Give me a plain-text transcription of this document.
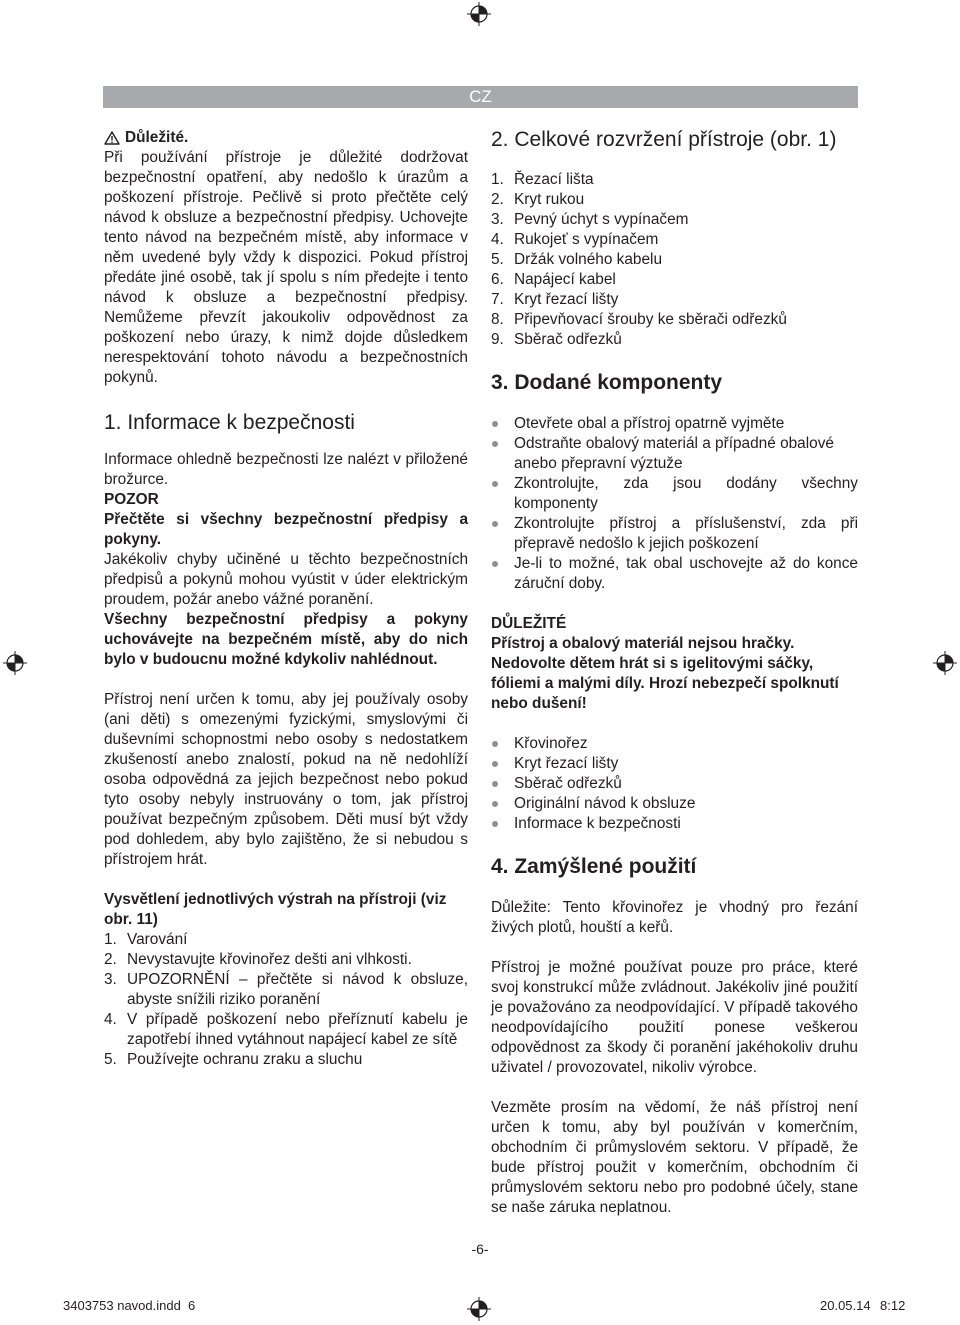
CZ
Důležité.

Při používání přístroje je důležité dodržovat bezpečnostní opatření, aby nedošlo k úrazům a poškození přístroje. Pečlivě si proto přečtěte celý návod k obsluze a bezpečnostní předpisy. Uchovejte tento návod na bezpečném místě, aby informace v něm uvedené byly vždy k dispozici. Pokud přístroj předáte jiné osobě, tak jí spolu s ním předejte i tento návod k obsluze a bezpečnostní předpisy. Nemůžeme převzít jakoukoliv odpovědnost za poškození nebo úrazy, k nimž dojde důsledkem nerespektování tohoto návodu a bezpečnostních pokynů.

1. Informace k bezpečnosti

Informace ohledně bezpečnosti lze nalézt v přiložené brožurce.

POZOR

Přečtěte si všechny bezpečnostní předpisy a pokyny.

Jakékoliv chyby učiněné u těchto bezpečnostních předpisů a pokynů mohou vyústit v úder elektrickým proudem, požár anebo vážné poranění.

Všechny bezpečnostní předpisy a pokyny uchovávejte na bezpečném místě, aby do nich bylo v budoucnu možné kdykoliv nahlédnout.

Přístroj není určen k tomu, aby jej používaly osoby (ani děti) s omezenými fyzickými, smyslovými či duševními schopnostmi nebo osoby s nedostatkem zkušeností anebo znalostí, pokud na ně nedohlíží osoba odpovědná za jejich bezpečnost nebo pokud tyto osoby nebyly instruovány o tom, jak přístroj používat bezpečným způsobem. Děti musí být vždy pod dohledem, aby bylo zajištěno, že si nebudou s přístrojem hrát.

Vysvětlení jednotlivých výstrah na přístroji (viz obr. 11)

1. Varování
2. Nevystavujte křovinořez dešti ani vlhkosti.
3. UPOZORNĚNÍ – přečtěte si návod k obsluze, abyste snížili riziko poranění
4. V případě poškození nebo přeříznutí kabelu je zapotřebí ihned vytáhnout napájecí kabel ze sítě
5. Používejte ochranu zraku a sluchu
2. Celkové rozvržení přístroje (obr. 1)
1. Řezací lišta
2. Kryt rukou
3. Pevný úchyt s vypínačem
4. Rukojeť s vypínačem
5. Držák volného kabelu
6. Napájecí kabel
7. Kryt řezací lišty
8. Připevňovací šrouby ke sběrači odřezků
9. Sběrač odřezků
3. Dodané komponenty
Otevřete obal a přístroj opatrně vyjměte
Odstraňte obalový materiál a případné obalové anebo přepravní výztuže
Zkontrolujte, zda jsou dodány všechny komponenty
Zkontrolujte přístroj a příslušenství, zda při přepravě nedošlo k jejich poškození
Je-li to možné, tak obal uschovejte až do konce záruční doby.

DŮLEŽITÉ

Přístroj a obalový materiál nejsou hračky. Nedovolte dětem hrát si s igelitovými sáčky, fóliemi a malými díly. Hrozí nebezpečí spolknutí nebo dušení!

Křovinořez
Kryt řezací lišty
Sběrač odřezků
Originální návod k obsluze
Informace k bezpečnosti
4. Zamýšlené použití

Důležite: Tento křovinořez je vhodný pro řezání živých plotů, houští a keřů.

Přístroj je možné používat pouze pro práce, které svoj konstrukcí může zvládnout. Jakékoliv jiné použití je považováno za neodpovídající. V případě takového neodpovídajícího použití ponese veškerou odpovědnost za škody či poranění jakéhokoliv druhu uživatel / provozovatel, nikoliv výrobce.

Vezměte prosím na vědomí, že náš přístroj není určen k tomu, aby byl používán v komerčním, obchodním či průmyslovém sektoru. V případě, že bude přístroj použit v komerčním, obchodním či průmyslovém sektoru nebo pro podobné účely, stane se naše záruka neplatnou.

-6-
3403753 navod.indd 6	20.05.14 8:12
